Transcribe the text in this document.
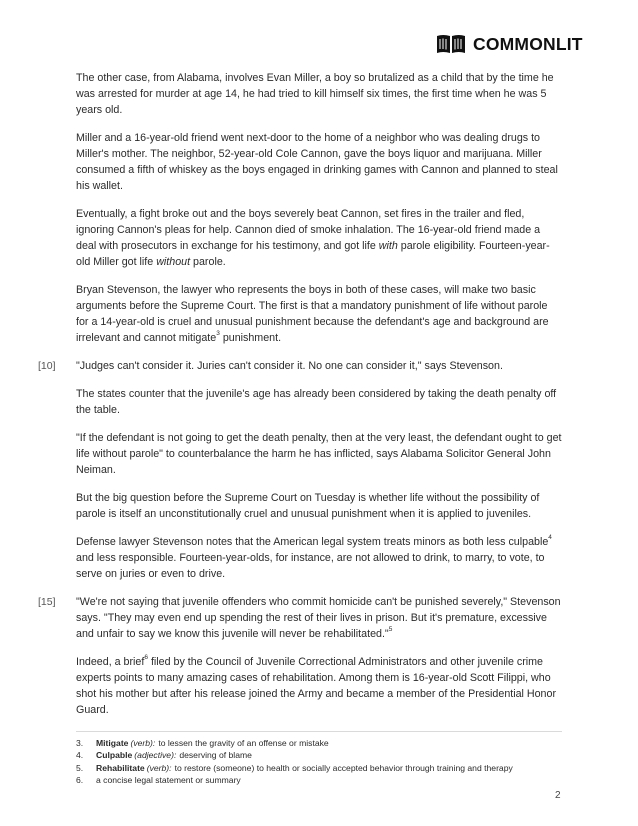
COMMONLIT

The other case, from Alabama, involves Evan Miller, a boy so brutalized as a child that by the time he was arrested for murder at age 14, he had tried to kill himself six times, the first time when he was 5 years old.

Miller and a 16-year-old friend went next-door to the home of a neighbor who was dealing drugs to Miller's mother. The neighbor, 52-year-old Cole Cannon, gave the boys liquor and marijuana. Miller consumed a fifth of whiskey as the boys engaged in drinking games with Cannon and planned to steal his wallet.

Eventually, a fight broke out and the boys severely beat Cannon, set fires in the trailer and fled, ignoring Cannon's pleas for help. Cannon died of smoke inhalation. The 16-year-old friend made a deal with prosecutors in exchange for his testimony, and got life with parole eligibility. Fourteen-year-old Miller got life without parole.

Bryan Stevenson, the lawyer who represents the boys in both of these cases, will make two basic arguments before the Supreme Court. The first is that a mandatory punishment of life without parole for a 14-year-old is cruel and unusual punishment because the defendant's age and background are irrelevant and cannot mitigate$^3$ punishment.

[10] "Judges can't consider it. Juries can't consider it. No one can consider it," says Stevenson.

The states counter that the juvenile's age has already been considered by taking the death penalty off the table.

"If the defendant is not going to get the death penalty, then at the very least, the defendant ought to get life without parole" to counterbalance the harm he has inflicted, says Alabama Solicitor General John Neiman.

But the big question before the Supreme Court on Tuesday is whether life without the possibility of parole is itself an unconstitutionally cruel and unusual punishment when it is applied to juveniles.

Defense lawyer Stevenson notes that the American legal system treats minors as both less culpable$^4$ and less responsible. Fourteen-year-olds, for instance, are not allowed to drink, to marry, to vote, to serve on juries or even to drive.

[15] "We're not saying that juvenile offenders who commit homicide can't be punished severely," Stevenson says. "They may even end up spending the rest of their lives in prison. But it's premature, excessive and unfair to say we know this juvenile will never be rehabilitated."$^5$

Indeed, a brief$^6$ filed by the Council of Juvenile Correctional Administrators and other juvenile crime experts points to many amazing cases of rehabilitation. Among them is 16-year-old Scott Filippi, who shot his mother but after his release joined the Army and became a member of the Presidential Honor Guard.

3.	Mitigate (verb): to lessen the gravity of an offense or mistake
4.	Culpable (adjective): deserving of blame
5.	Rehabilitate (verb): to restore (someone) to health or socially accepted behavior through training and therapy
6.	a concise legal statement or summary
2
